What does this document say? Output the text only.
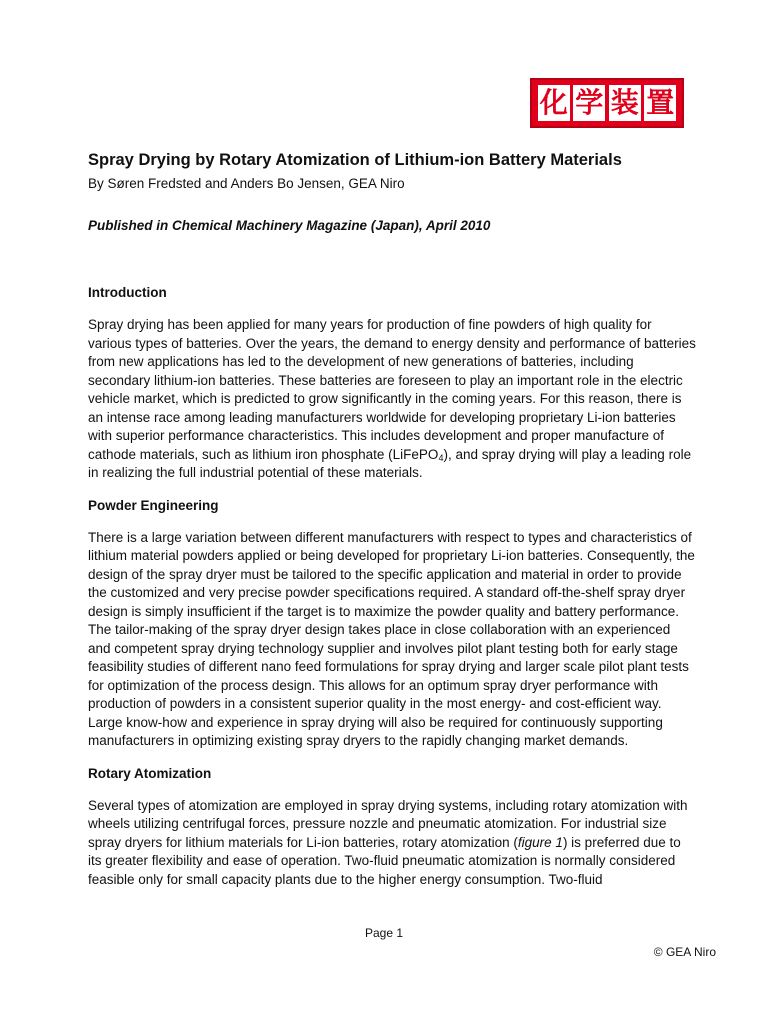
化 学 装 置
Spray Drying by Rotary Atomization of Lithium-ion Battery Materials

By Søren Fredsted and Anders Bo Jensen, GEA Niro

Published in Chemical Machinery Magazine (Japan), April 2010

Introduction

Spray drying has been applied for many years for production of fine powders of high quality for various types of batteries. Over the years, the demand to energy density and performance of batteries from new applications has led to the development of new generations of batteries, including secondary lithium-ion batteries. These batteries are foreseen to play an important role in the electric vehicle market, which is predicted to grow significantly in the coming years. For this reason, there is an intense race among leading manufacturers worldwide for developing proprietary Li-ion batteries with superior performance characteristics. This includes development and proper manufacture of cathode materials, such as lithium iron phosphate (LiFePO$_4$), and spray drying will play a leading role in realizing the full industrial potential of these materials.

Powder Engineering

There is a large variation between different manufacturers with respect to types and characteristics of lithium material powders applied or being developed for proprietary Li-ion batteries. Consequently, the design of the spray dryer must be tailored to the specific application and material in order to provide the customized and very precise powder specifications required. A standard off-the-shelf spray dryer design is simply insufficient if the target is to maximize the powder quality and battery performance. The tailor-making of the spray dryer design takes place in close collaboration with an experienced and competent spray drying technology supplier and involves pilot plant testing both for early stage feasibility studies of different nano feed formulations for spray drying and larger scale pilot plant tests for optimization of the process design. This allows for an optimum spray dryer performance with production of powders in a consistent superior quality in the most energy- and cost-efficient way. Large know-how and experience in spray drying will also be required for continuously supporting manufacturers in optimizing existing spray dryers to the rapidly changing market demands.

Rotary Atomization

Several types of atomization are employed in spray drying systems, including rotary atomization with wheels utilizing centrifugal forces, pressure nozzle and pneumatic atomization. For industrial size spray dryers for lithium materials for Li-ion batteries, rotary atomization (figure 1) is preferred due to its greater flexibility and ease of operation. Two-fluid pneumatic atomization is normally considered feasible only for small capacity plants due to the higher energy consumption. Two-fluid

Page 1

© GEA Niro
